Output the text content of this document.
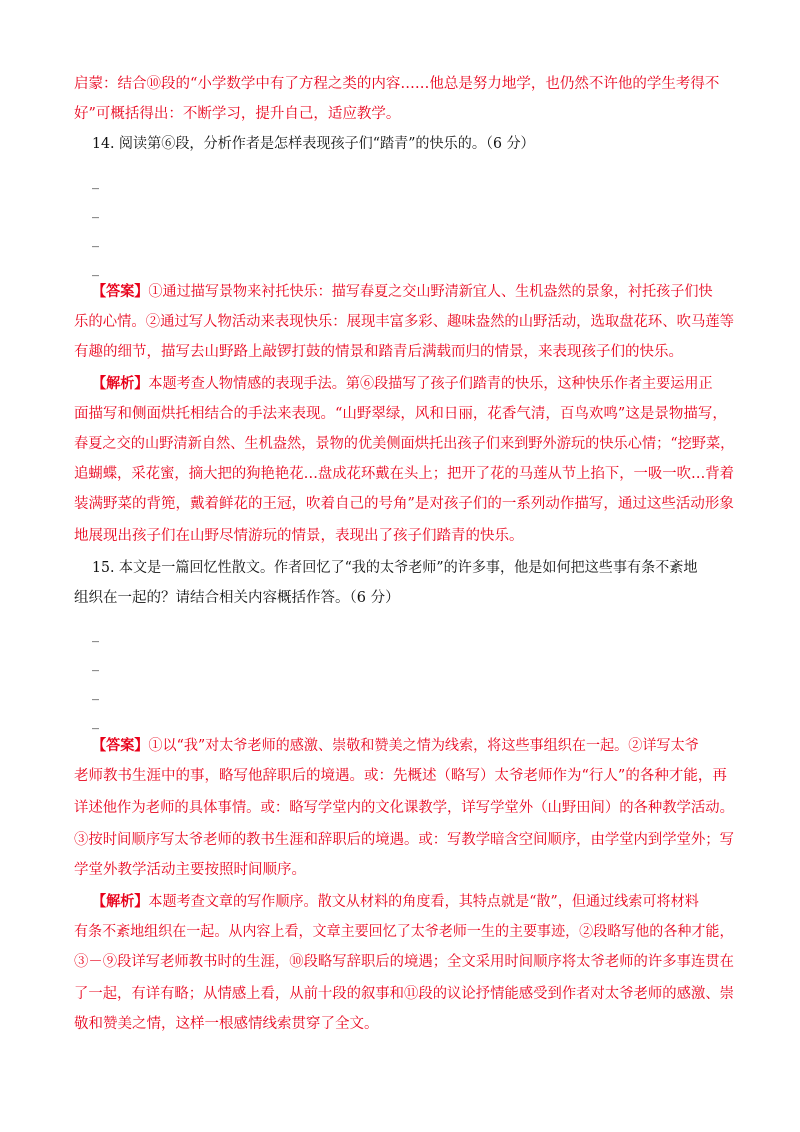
启蒙：结合⑩段的“小学数学中有了方程之类的内容……他总是努力地学，也仍然不许他的学生考得不
好”可概括得出：不断学习，提升自己，适应教学。
14. 阅读第⑥段，分析作者是怎样表现孩子们“踏青”的快乐的。（6 分）
_
_
_
_
【答案】①通过描写景物来衬托快乐：描写春夏之交山野清新宜人、生机盎然的景象，衬托孩子们快
乐的心情。②通过写人物活动来表现快乐：展现丰富多彩、趣味盎然的山野活动，选取盘花环、吹马莲等
有趣的细节，描写去山野路上敲锣打鼓的情景和踏青后满载而归的情景，来表现孩子们的快乐。
【解析】本题考查人物情感的表现手法。第⑥段描写了孩子们踏青的快乐，这种快乐作者主要运用正
面描写和侧面烘托相结合的手法来表现。“山野翠绿，风和日丽，花香气清，百鸟欢鸣”这是景物描写，
春夏之交的山野清新自然、生机盎然，景物的优美侧面烘托出孩子们来到野外游玩的快乐心情；“挖野菜，
追蝴蝶，采花蜜，摘大把的狗艳艳花…盘成花环戴在头上；把开了花的马莲从节上掐下，一吸一吹…背着
装满野菜的背篼，戴着鲜花的王冠，吹着自己的号角”是对孩子们的一系列动作描写，通过这些活动形象
地展现出孩子们在山野尽情游玩的情景，表现出了孩子们踏青的快乐。
15. 本文是一篇回忆性散文。作者回忆了“我的太爷老师”的许多事，他是如何把这些事有条不紊地
组织在一起的？请结合相关内容概括作答。（6 分）
_
_
_
_
【答案】①以“我”对太爷老师的感激、崇敬和赞美之情为线索，将这些事组织在一起。②详写太爷
老师教书生涯中的事，略写他辞职后的境遇。或：先概述（略写）太爷老师作为“行人”的各种才能，再
详述他作为老师的具体事情。或：略写学堂内的文化课教学，详写学堂外（山野田间）的各种教学活动。
③按时间顺序写太爷老师的教书生涯和辞职后的境遇。或：写教学暗含空间顺序，由学堂内到学堂外；写
学堂外教学活动主要按照时间顺序。
【解析】本题考查文章的写作顺序。散文从材料的角度看，其特点就是“散”，但通过线索可将材料
有条不紊地组织在一起。从内容上看，文章主要回忆了太爷老师一生的主要事迹，②段略写他的各种才能，
③－⑨段详写老师教书时的生涯，⑩段略写辞职后的境遇；全文采用时间顺序将太爷老师的许多事连贯在
了一起，有详有略；从情感上看，从前十段的叙事和⑪段的议论抒情能感受到作者对太爷老师的感激、崇
敬和赞美之情，这样一根感情线索贯穿了全文。
